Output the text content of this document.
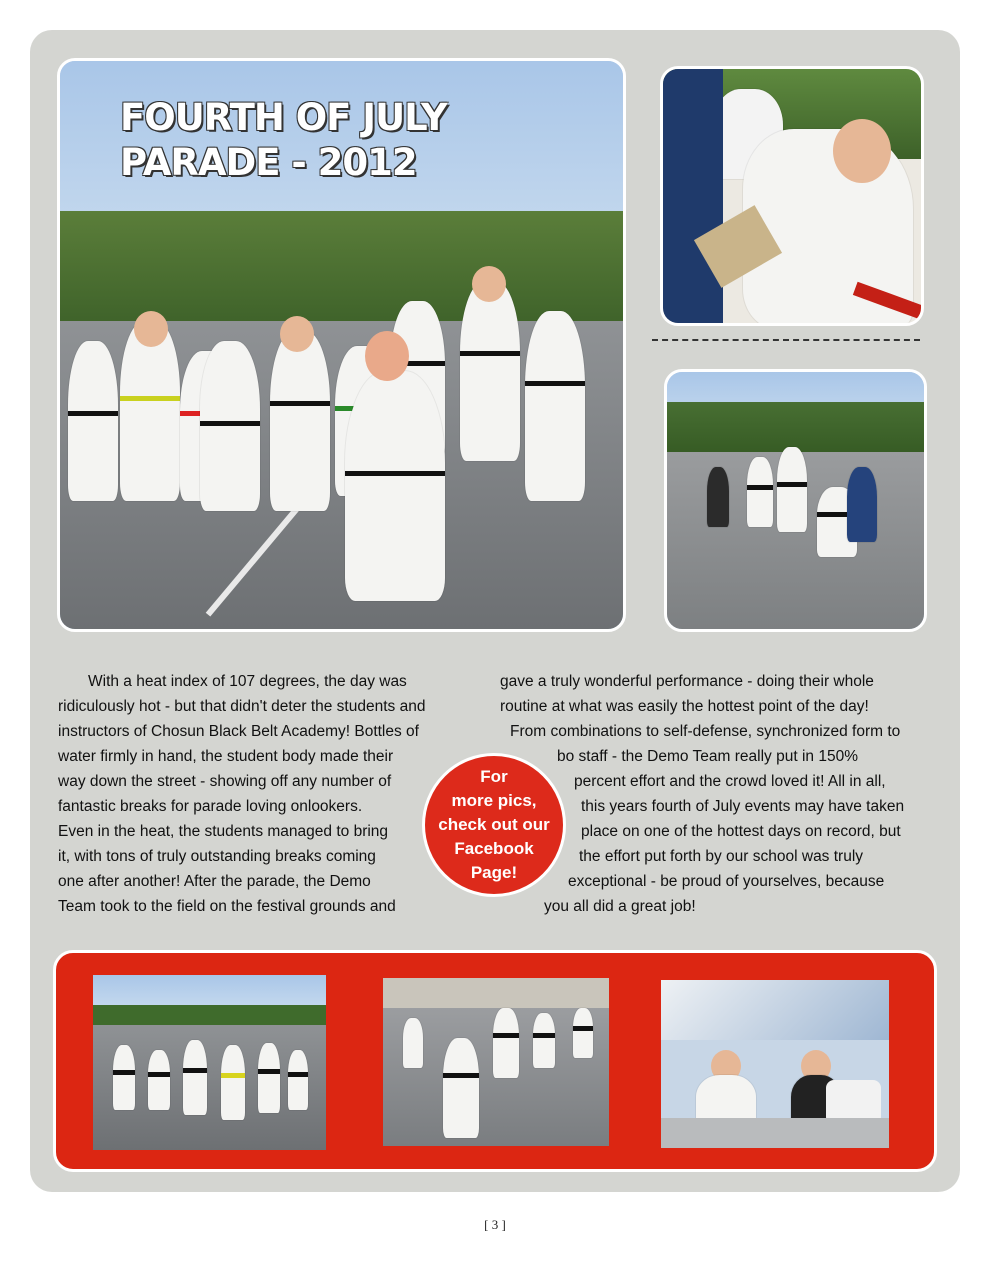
FOURTH OF JULY
PARADE - 2012
With a heat index of 107 degrees, the day was
ridiculously hot - but that didn't deter the students and
instructors of Chosun Black Belt Academy! Bottles of
water firmly in hand, the student body made their
way down the street - showing off any number of
fantastic breaks for parade loving onlookers.
Even in the heat, the students managed to bring
it, with tons of truly outstanding breaks coming
one after another! After the parade, the Demo
Team took to the field on the festival grounds and
gave a truly wonderful performance - doing their whole
routine at what was easily the hottest point of the day!
From combinations to self-defense, synchronized form to
bo staff - the Demo Team really put in 150%
percent effort and the crowd loved it! All in all,
this years fourth of July events may have taken
place on one of the hottest days on record, but
the effort put forth by our school was truly
exceptional - be proud of yourselves, because
you all did a great job!
For
more pics,
check out our
Facebook
Page!
[ 3 ]
